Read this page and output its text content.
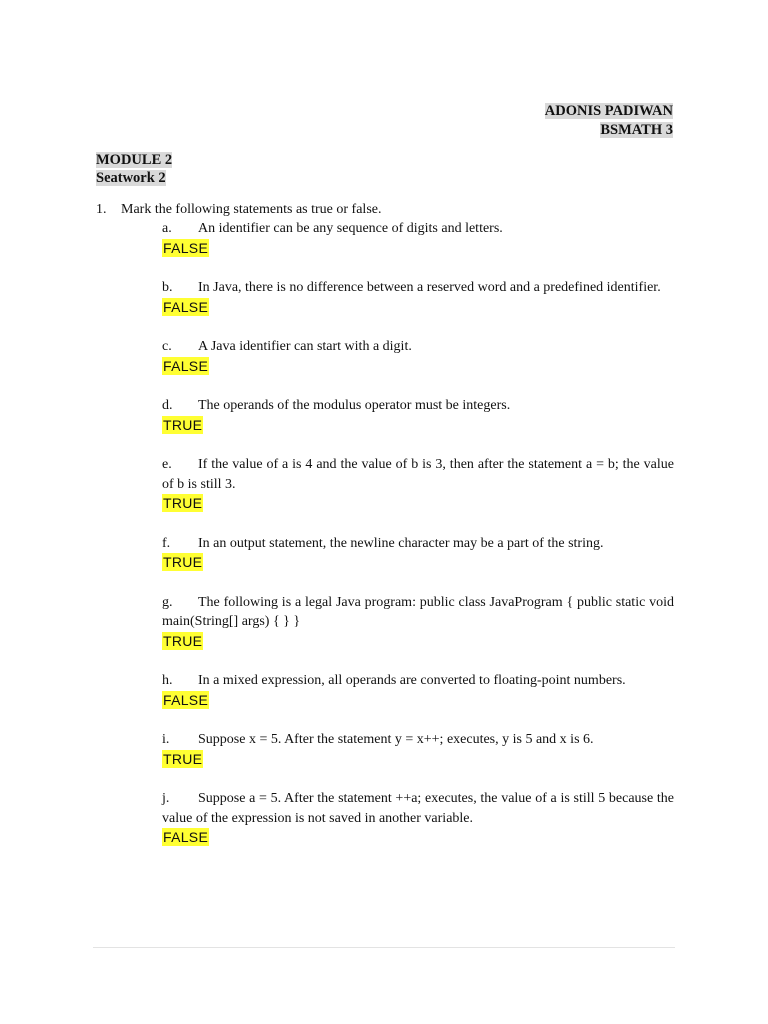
ADONIS PADIWAN
BSMATH 3
MODULE 2
Seatwork 2
1. Mark the following statements as true or false.
a. An identifier can be any sequence of digits and letters.
FALSE
b. In Java, there is no difference between a reserved word and a predefined identifier.
FALSE
c. A Java identifier can start with a digit.
FALSE
d. The operands of the modulus operator must be integers.
TRUE
e. If the value of a is 4 and the value of b is 3, then after the statement a = b; the value of b is still 3.
TRUE
f. In an output statement, the newline character may be a part of the string.
TRUE
g. The following is a legal Java program: public class JavaProgram { public static void main(String[] args) { } }
TRUE
h. In a mixed expression, all operands are converted to floating-point numbers.
FALSE
i. Suppose x = 5. After the statement y = x++; executes, y is 5 and x is 6.
TRUE
j. Suppose a = 5. After the statement ++a; executes, the value of a is still 5 because the value of the expression is not saved in another variable.
FALSE
